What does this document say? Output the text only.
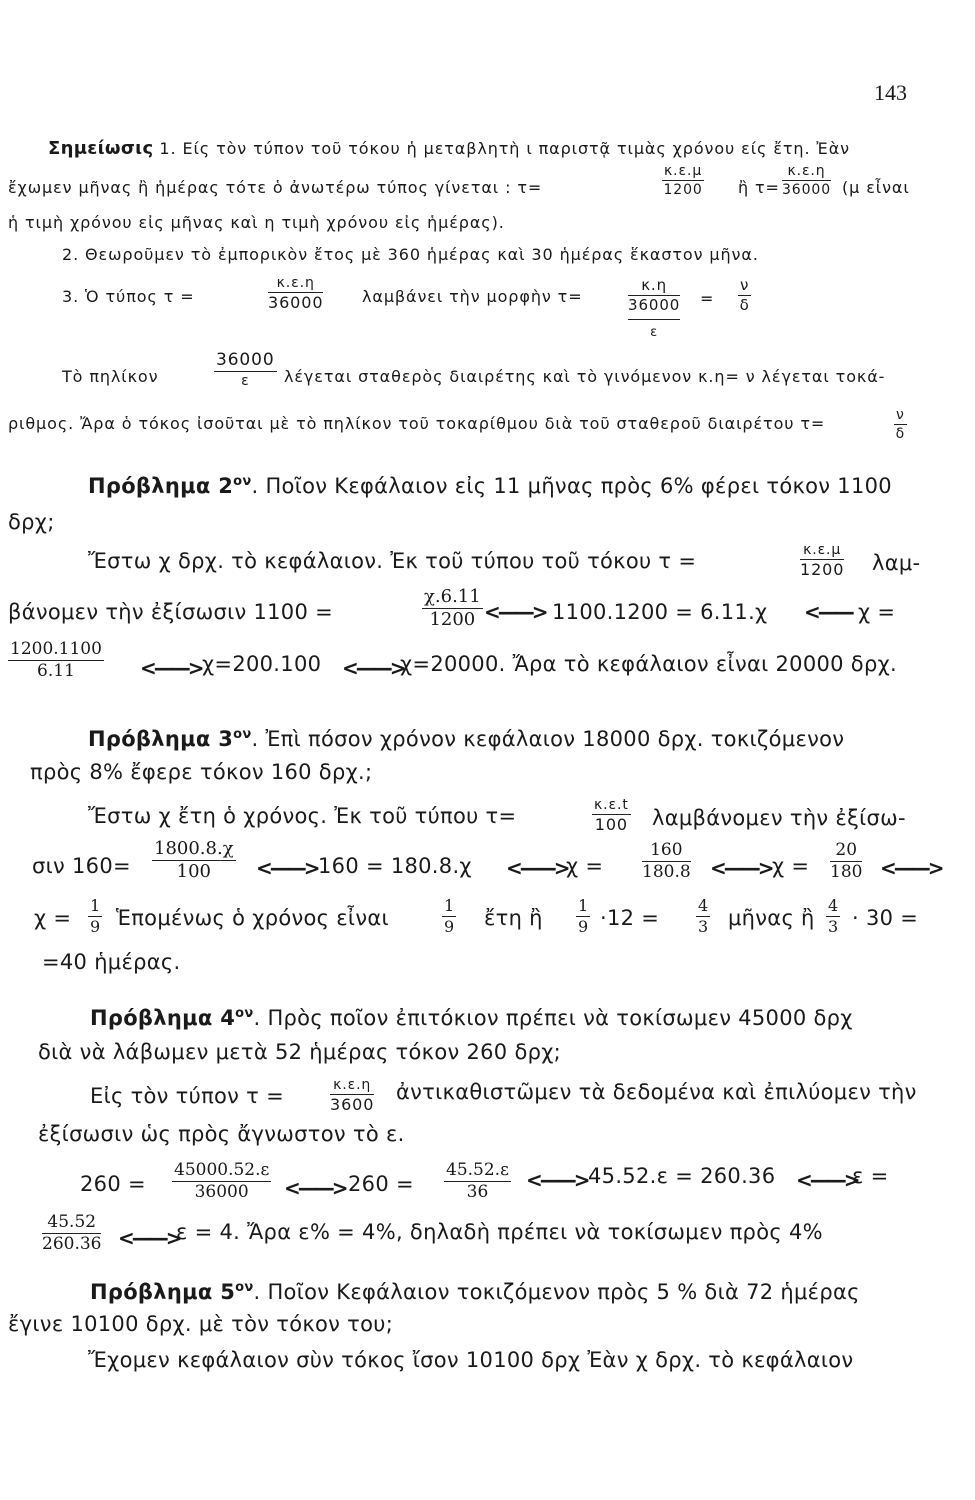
143
Σημείωσις 1. Είς τὸν τύπον τοῦ τόκου ἡ μεταβλητὴ ι παριστᾷ τιμὰς χρόνου είς ἔτη. Ἐὰν
ἔχωμεν μῆνας ἢ ἡμέρας τότε ὁ ἀνωτέρω τύπος γίνεται : τ=
κ.ε.μ
1200 ἢ τ=
κ.ε.η
36000 (μ εἶναι
ἡ τιμὴ χρόνου εἰς μῆνας καὶ η τιμὴ χρόνου εἰς ἡμέρας).
2. Θεωροῦμεν τὸ ἐμπορικὸν ἔτος μὲ 360 ἡμέρας καὶ 30 ἡμέρας ἕκαστον μῆνα.
3. Ὁ τύπος τ =
κ.ε.η
36000 λαμβάνει τὴν μορφὴν τ=
κ.η
36000
ε
=
ν
δ
Τὸ πηλίκον
36000
ε	λέγεται σταθερὸς διαιρέτης καὶ τὸ γινόμενον κ.η= ν λέγεται τοκά-
ριθμος. Ἄρα ὁ τόκος ἰσοῦται μὲ τὸ πηλίκον τοῦ τοκαρίθμου διὰ τοῦ σταθεροῦ διαιρέτου τ=	ν
δ
Πρόβλημα $2^{o\nu}$. Ποῖον Κεφάλαιον εἰς 11 μῆνας πρὸς 6% φέρει τόκον 1100
δρχ;
Ἔστω χ δρχ. τὸ κεφάλαιον. Ἐκ τοῦ τύπου τοῦ τόκου τ =	κ.ε.μ
1200 λαμ-
βάνομεν τὴν ἐξίσωσιν 1100 =
χ.6.11
1200 <——> 1100.1200 = 6.11.χ <—— χ =
1200.1100
6.11	<——> χ=200.100 <——>
χ=20000. Ἄρα τὸ κεφάλαιον εἶναι 20000 δρχ.
Πρόβλημα $3^{o\nu}$. Ἐπὶ πόσον χρόνον κεφάλαιον 18000 δρχ. τοκιζόμενον
πρὸς 8% ἔφερε τόκον 160 δρχ.;
Ἔστω χ ἔτη ὁ χρόνος. Ἐκ τοῦ τύπου τ=	κ.ε.t
100 λαμβάνομεν τὴν ἐξίσω-
σιν 160=
1800.8.χ
100	<——> 160 = 180.8.χ <——>
χ =
160
180.8 <——> χ =
20
180 <——>
χ =
1
9 Ἑπομένως ὁ χρόνος εἶναι
1
9 ἔτη ἢ
1
9 ·12 =
4
3 μῆνας ἢ
4
3 · 30 =
=40 ἡμέρας.
Πρόβλημα $4^{o\nu}$. Πρὸς ποῖον ἐπιτόκιον πρέπει νὰ τοκίσωμεν 45000 δρχ
διὰ νὰ λάβωμεν μετὰ 52 ἡμέρας τόκον 260 δρχ;
Εἰς τὸν τύπον τ =	κ.ε.η
3600
ἀντικαθιστῶμεν τὰ δεδομένα καὶ ἐπιλύομεν τὴν
ἐξίσωσιν ὡς πρὸς ἄγνωστον τὸ ε.
260 =
45000.52.ε
36000	<——> 260 =
45.52.ε
36	<——> 45.52.ε = 260.36 <——>
ε =
45.52
260.36 <——>
ε = 4. Ἄρα ε% = 4%, δηλαδὴ πρέπει νὰ τοκίσωμεν πρὸς 4%
Πρόβλημα $5^{o\nu}$. Ποῖον Κεφάλαιον τοκιζόμενον πρὸς 5 % διὰ 72 ἡμέρας
ἔγινε 10100 δρχ. μὲ τὸν τόκον του;
Ἔχομεν κεφάλαιον σὺν τόκος ἴσον 10100 δρχ Ἐὰν χ δρχ. τὸ κεφάλαιον
